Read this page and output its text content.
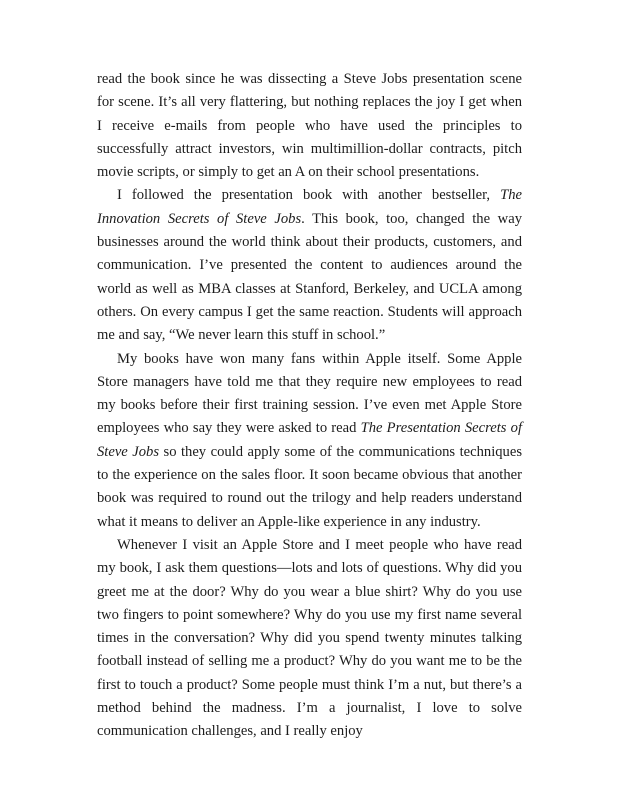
read the book since he was dissecting a Steve Jobs presentation scene for scene. It’s all very flattering, but nothing replaces the joy I get when I receive e-mails from people who have used the principles to successfully attract investors, win multimillion-dollar contracts, pitch movie scripts, or simply to get an A on their school presentations.

I followed the presentation book with another bestseller, The Innovation Secrets of Steve Jobs. This book, too, changed the way businesses around the world think about their products, customers, and communication. I’ve presented the content to audiences around the world as well as MBA classes at Stanford, Berkeley, and UCLA among others. On every campus I get the same reaction. Students will approach me and say, “We never learn this stuff in school.”

My books have won many fans within Apple itself. Some Apple Store managers have told me that they require new employees to read my books before their first training session. I’ve even met Apple Store employees who say they were asked to read The Presentation Secrets of Steve Jobs so they could apply some of the communications techniques to the experience on the sales floor. It soon became obvious that another book was required to round out the trilogy and help readers understand what it means to deliver an Apple-like experience in any industry.

Whenever I visit an Apple Store and I meet people who have read my book, I ask them questions—lots and lots of questions. Why did you greet me at the door? Why do you wear a blue shirt? Why do you use two fingers to point somewhere? Why do you use my first name several times in the conversation? Why did you spend twenty minutes talking football instead of selling me a product? Why do you want me to be the first to touch a product? Some people must think I’m a nut, but there’s a method behind the madness. I’m a journalist, I love to solve communication challenges, and I really enjoy
